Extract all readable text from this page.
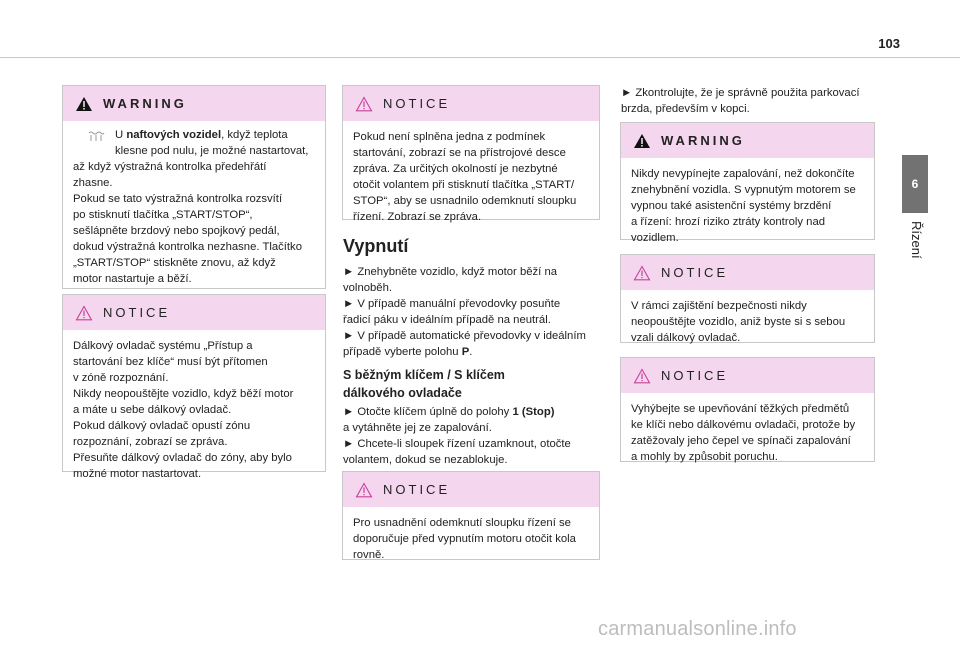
103
6
Řízení
WARNING
U naftových vozidel, když teplota
klesne pod nulu, je možné nastartovat,
až když výstražná kontrolka předehřátí
zhasne.
Pokud se tato výstražná kontrolka rozsvítí
po stisknutí tlačítka „START/STOP“,
sešlápněte brzdový nebo spojkový pedál,
dokud výstražná kontrolka nezhasne. Tlačítko
„START/STOP“ stiskněte znovu, až když
motor nastartuje a běží.
NOTICE
Dálkový ovladač systému „Přístup a
startování bez klíče“ musí být přítomen
v zóně rozpoznání.
Nikdy neopouštějte vozidlo, když běží motor
a máte u sebe dálkový ovladač.
Pokud dálkový ovladač opustí zónu
rozpoznání, zobrazí se zpráva.
Přesuňte dálkový ovladač do zóny, aby bylo
možné motor nastartovat.
NOTICE
Pokud není splněna jedna z podmínek
startování, zobrazí se na přístrojové desce
zpráva. Za určitých okolností je nezbytné
otočit volantem při stisknutí tlačítka „START/
STOP“, aby se usnadnilo odemknutí sloupku
řízení. Zobrazí se zpráva.
Vypnutí
► Znehybněte vozidlo, když motor běží na
volnoběh.
► V případě manuální převodovky posuňte
řadicí páku v ideálním případě na neutrál.
► V případě automatické převodovky v ideálním
případě vyberte polohu P.
S běžným klíčem / S klíčem
dálkového ovladače
► Otočte klíčem úplně do polohy 1 (Stop)
a vytáhněte jej ze zapalování.
► Chcete-li sloupek řízení uzamknout, otočte
volantem, dokud se nezablokuje.
NOTICE
Pro usnadnění odemknutí sloupku řízení se
doporučuje před vypnutím motoru otočit kola
rovně.
► Zkontrolujte, že je správně použita parkovací
brzda, především v kopci.
WARNING
Nikdy nevypínejte zapalování, než dokončíte
znehybnění vozidla. S vypnutým motorem se
vypnou také asistenční systémy brzdění
a řízení: hrozí riziko ztráty kontroly nad
vozidlem.
NOTICE
V rámci zajištění bezpečnosti nikdy
neopouštějte vozidlo, aniž byste si s sebou
vzali dálkový ovladač.
NOTICE
Vyhýbejte se upevňování těžkých předmětů
ke klíči nebo dálkovému ovladači, protože by
zatěžovaly jeho čepel ve spínači zapalování
a mohly by způsobit poruchu.
carmanualsonline.info
